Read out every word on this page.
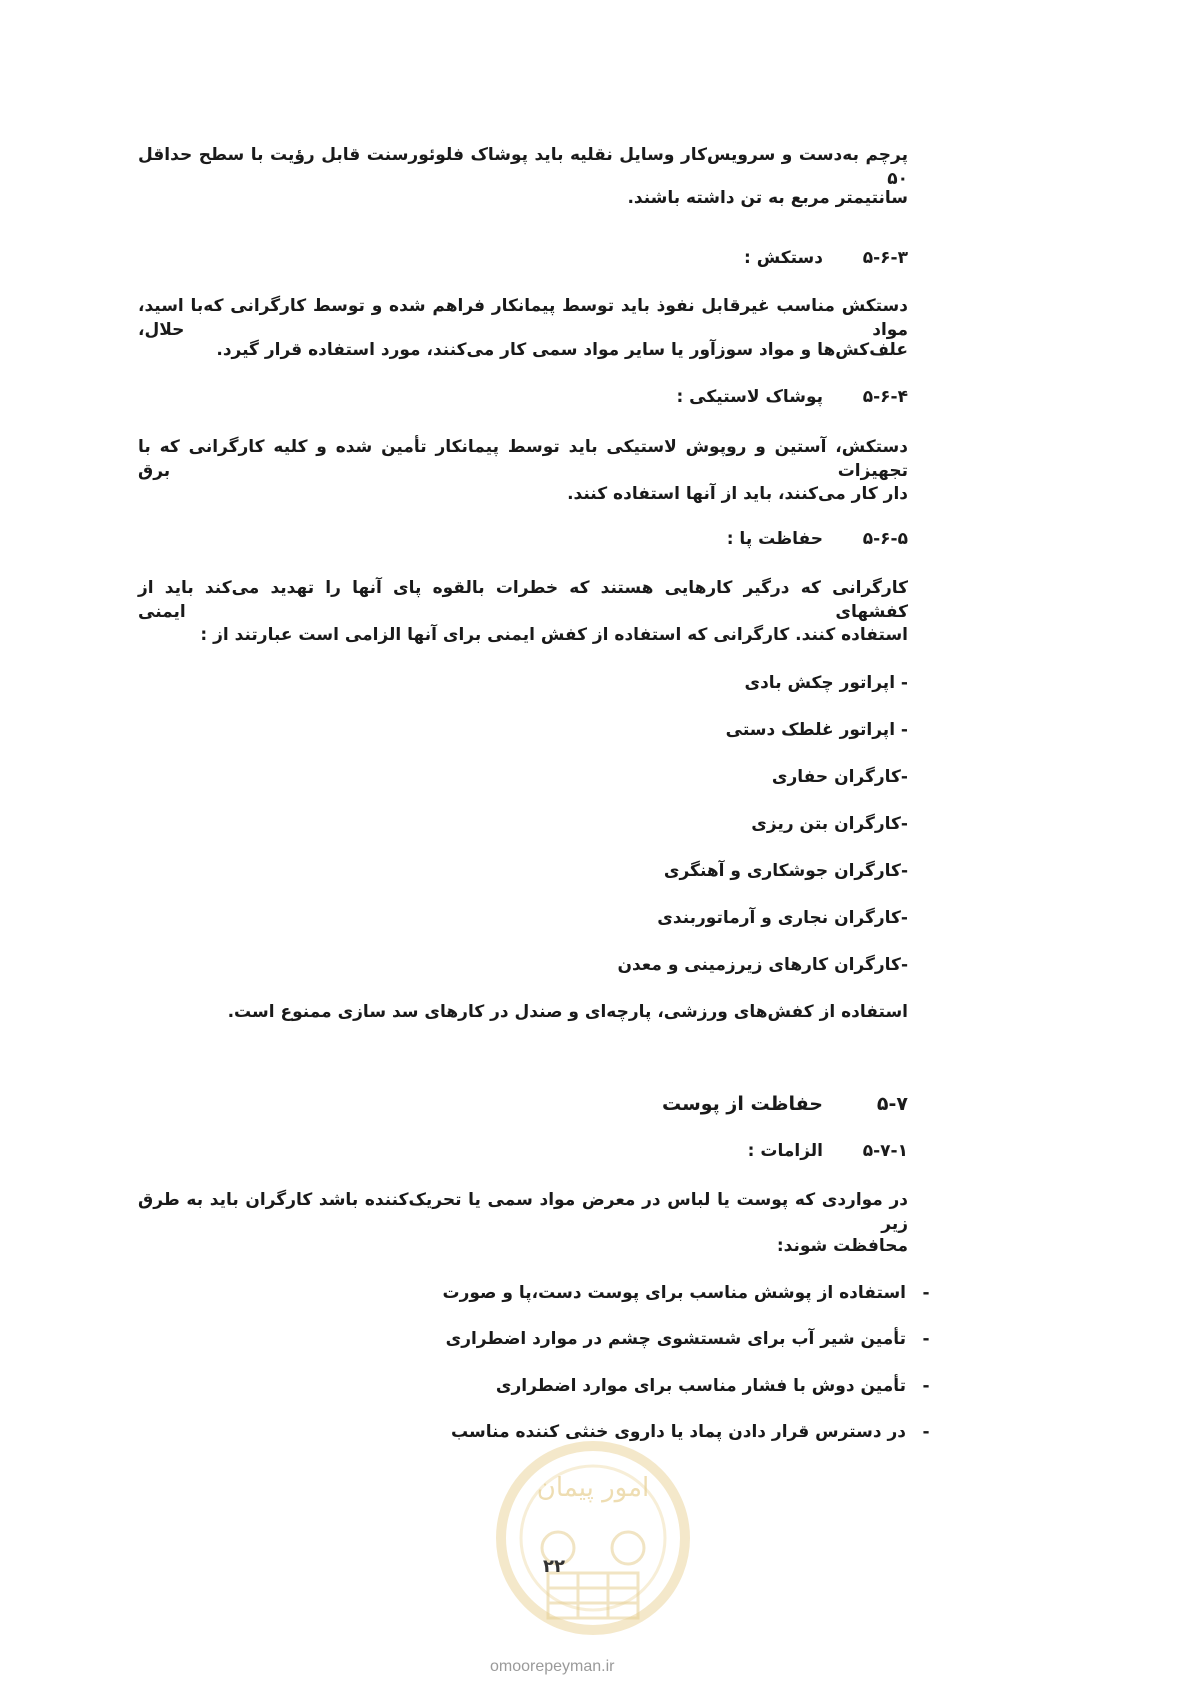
پرچم به‌دست و سرویس‌کار وسایل نقلیه باید پوشاک فلوئورسنت قابل رؤیت با سطح حداقل ۵۰
سانتیمتر مربع به تن داشته باشند.
۵-۶-۳دستکش :
دستکش مناسب غیرقابل نفوذ باید توسط پیمانکار فراهم شده و توسط کارگرانی که‌با اسید، مواد حلال،
علف‌کش‌ها و مواد سوزآور یا سایر مواد سمی کار می‌کنند، مورد استفاده قرار گیرد.
۵-۶-۴پوشاک لاستیکی :
دستکش، آستین و روپوش لاستیکی باید توسط پیمانکار تأمین شده و کلیه کارگرانی که با تجهیزات برق
دار کار می‌کنند، باید از آنها استفاده کنند.
۵-۶-۵حفاظت پا :
کارگرانی که درگیر کارهایی هستند که خطرات بالقوه پای آنها را تهدید می‌کند باید از کفشهای ایمنی
استفاده کنند. کارگرانی که استفاده از کفش ایمنی برای آنها الزامی است عبارتند از :
- اپراتور چکش بادی
- اپراتور غلطک دستی
-کارگران حفاری
-کارگران بتن ریزی
-کارگران جوشکاری و آهنگری
-کارگران نجاری و آرماتوربندی
-کارگران کارهای زیرزمینی و معدن
استفاده از کفش‌های ورزشی، پارچه‌ای و صندل در کارهای سد سازی ممنوع است.
۵-۷حفاظت از پوست
۵-۷-۱الزامات :
در مواردی که پوست یا لباس در معرض مواد سمی یا تحریک‌کننده باشد کارگران باید به طرق زیر
محافظت شوند:
-استفاده از پوشش مناسب برای پوست دست،پا و صورت
-تأمین شیر آب برای شستشوی چشم در موارد اضطراری
-تأمین دوش با فشار مناسب برای موارد اضطراری
-در دسترس قرار دادن پماد یا داروی خنثی کننده مناسب
امور پیمان
۲۲
omoorepeyman.ir
